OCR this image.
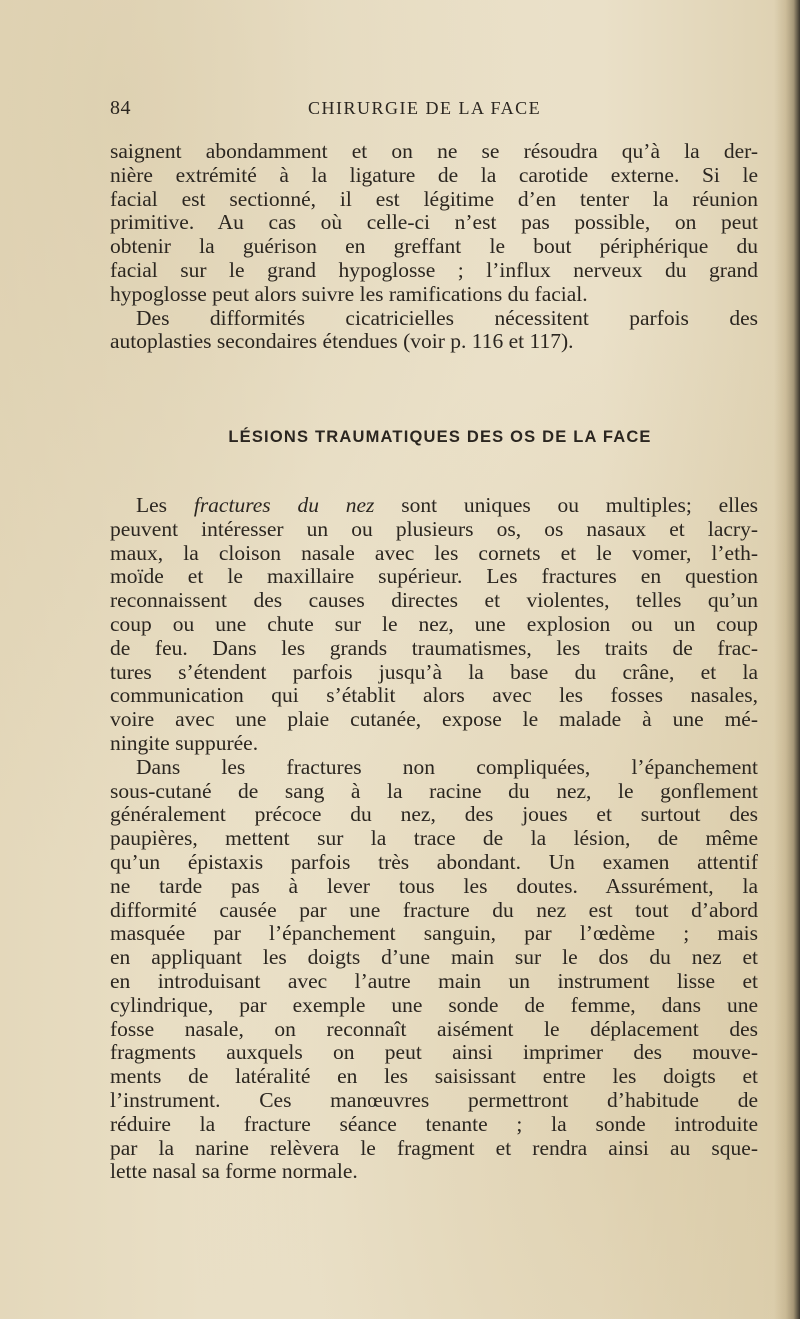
84	CHIRURGIE DE LA FACE
saignent abondamment et on ne se résoudra qu’à la der-
nière extrémité à la ligature de la carotide externe. Si le
facial est sectionné, il est légitime d’en tenter la réunion
primitive. Au cas où celle-ci n’est pas possible, on peut
obtenir la guérison en greffant le bout périphérique du
facial sur le grand hypoglosse ; l’influx nerveux du grand
hypoglosse peut alors suivre les ramifications du facial.
Des difformités cicatricielles nécessitent parfois des
autoplasties secondaires étendues (voir p. 116 et 117).
LÉSIONS TRAUMATIQUES DES OS DE LA FACE
Les fractures du nez sont uniques ou multiples; elles
peuvent intéresser un ou plusieurs os, os nasaux et lacry-
maux, la cloison nasale avec les cornets et le vomer, l’eth-
moïde et le maxillaire supérieur. Les fractures en question
reconnaissent des causes directes et violentes, telles qu’un
coup ou une chute sur le nez, une explosion ou un coup
de feu. Dans les grands traumatismes, les traits de frac-
tures s’étendent parfois jusqu’à la base du crâne, et la
communication qui s’établit alors avec les fosses nasales,
voire avec une plaie cutanée, expose le malade à une mé-
ningite suppurée.
Dans les fractures non compliquées, l’épanchement
sous-cutané de sang à la racine du nez, le gonflement
généralement précoce du nez, des joues et surtout des
paupières, mettent sur la trace de la lésion, de même
qu’un épistaxis parfois très abondant. Un examen attentif
ne tarde pas à lever tous les doutes. Assurément, la
difformité causée par une fracture du nez est tout d’abord
masquée par l’épanchement sanguin, par l’œdème ; mais
en appliquant les doigts d’une main sur le dos du nez et
en introduisant avec l’autre main un instrument lisse et
cylindrique, par exemple une sonde de femme, dans une
fosse nasale, on reconnaît aisément le déplacement des
fragments auxquels on peut ainsi imprimer des mouve-
ments de latéralité en les saisissant entre les doigts et
l’instrument. Ces manœuvres permettront d’habitude de
réduire la fracture séance tenante ; la sonde introduite
par la narine relèvera le fragment et rendra ainsi au sque-
lette nasal sa forme normale.
